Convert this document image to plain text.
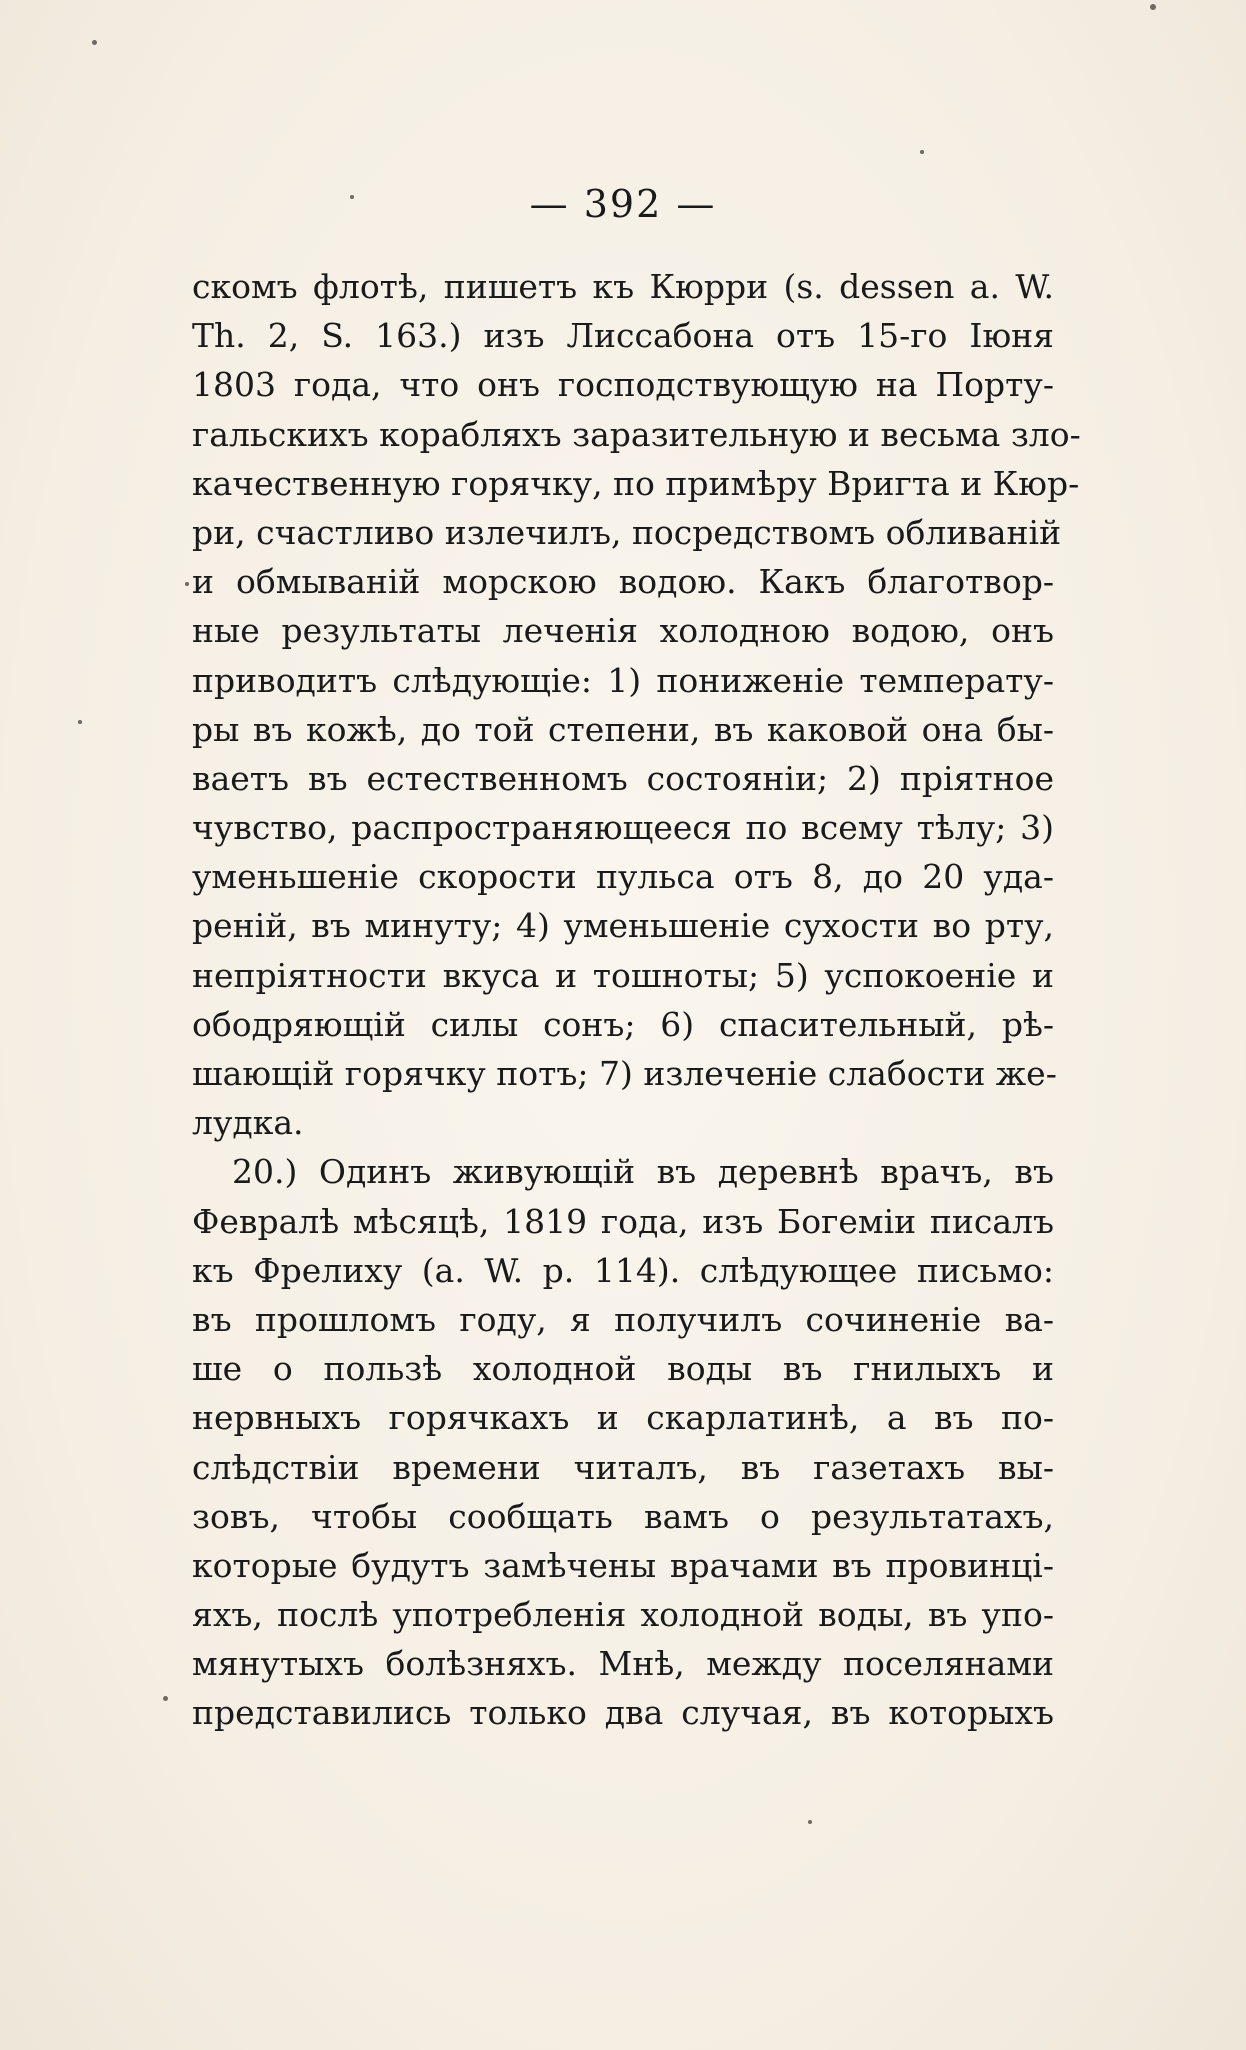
— 392 —
скомъ флотѣ, пишетъ къ Кюрри (s. dessen a. W.
Th. 2, S. 163.) изъ Лиссабона отъ 15-го Іюня
1803 года, что онъ господствующую на Порту-
гальскихъ корабляхъ заразительную и весьма зло-
качественную горячку, по примѣру Вригта и Кюр-
ри, счастливо излечилъ, посредствомъ обливаній
и обмыванiй морскою водою. Какъ благотвор-
ные результаты леченія холодною водою, онъ
приводитъ слѣдующіе: 1) пониженіе температу-
ры въ кожѣ, до той степени, въ каковой она бы-
ваетъ въ естественномъ состояніи; 2) пріятное
чувство, распространяющееся по всему тѣлу; 3)
уменьшеніе скорости пульса отъ 8, до 20 уда-
реній, въ минуту; 4) уменьшеніе сухости во рту,
непріятности вкуса и тошноты; 5) успокоеніе и
ободряющій силы сонъ; 6) спасительный, рѣ-
шающій горячку потъ; 7) излеченіе слабости же-
лудка.
20.) Одинъ живующій въ деревнѣ врачъ, въ
Февралѣ мѣсяцѣ, 1819 года, изъ Богеміи писалъ
къ Фрелиху (a. W. p. 114). слѣдующее письмо:
въ прошломъ году, я получилъ сочиненіе ва-
ше о пользѣ холодной воды въ гнилыхъ и
нервныхъ горячкахъ и скарлатинѣ, а въ по-
слѣдствіи времени читалъ, въ газетахъ вы-
зовъ, чтобы сообщать вамъ о результатахъ,
которые будутъ замѣчены врачами въ провинці-
яхъ, послѣ употребленія холодной воды, въ упо-
мянутыхъ болѣзняхъ. Мнѣ, между поселянами
представились только два случая, въ которыхъ
